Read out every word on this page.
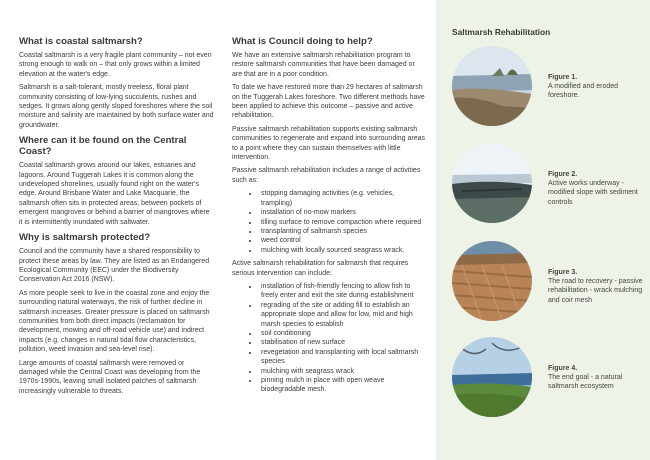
What is coastal saltmarsh?

Coastal saltmarsh is a very fragile plant community – not even strong enough to walk on – that only grows within a limited elevation at the water's edge.

Saltmarsh is a salt-tolerant, mostly treeless, floral plant community consisting of low-lying succulents, rushes and sedges. It grows along gently sloped foreshores where the soil moisture and salinity are maintained by both surface water and groundwater.

Where can it be found on the Central Coast?

Coastal saltmarsh grows around our lakes, estuaries and lagoons. Around Tuggerah Lakes it is common along the undeveloped shorelines, usually found right on the water's edge. Around Brisbane Water and Lake Macquarie, the saltmarsh often sits in protected areas, between pockets of emergent mangroves or behind a barrier of mangroves where it is intermittently inundated with saltwater.

Why is saltmarsh protected?

Council and the community have a shared responsibility to protect these areas by law. They are listed as an Endangered Ecological Community (EEC) under the Biodiversity Conservation Act 2016 (NSW).

As more people seek to live in the coastal zone and enjoy the surrounding natural waterways, the risk of further decline in saltmarsh increases. Greater pressure is placed on saltmarsh communities from both direct impacts (reclamation for development, mowing and off-road vehicle use) and indirect impacts (e.g. changes in natural tidal flow characteristics, pollution, weed invasion and sea-level rise).

Large amounts of coastal saltmarsh were removed or damaged while the Central Coast was developing from the 1970s-1990s, leaving small isolated patches of saltmarsh increasingly vulnerable to threats.

What is Council doing to help?

We have an extensive saltmarsh rehabilitation program to restore saltmarsh communities that have been damaged or are that are in a poor condition.

To date we have restored more than 29 hectares of saltmarsh on the Tuggerah Lakes foreshore. Two different methods have been applied to achieve this outcome – passive and active rehabilitation.

Passive saltmarsh rehabilitation supports existing saltmarsh communities to regenerate and expand into surrounding areas to a point where they can sustain themselves with little intervention.

Passive saltmarsh rehabilitation includes a range of activities such as:

• stopping damaging activities (e.g. vehicles, trampling)
• installation of no-mow markers
• tilling surface to remove compaction where required
• transplanting of saltmarsh species
• weed control
• mulching with locally sourced seagrass wrack.

Active saltmarsh rehabilitation for saltmarsh that requires serious intervention can include:

• installation of fish-friendly fencing to allow fish to freely enter and exit the site during establishment
• regrading of the site or adding fill to establish an appropriate slope and allow for low, mid and high marsh species to establish
• soil conditioning
• stabilisation of new surface
• revegetation and transplanting with local saltmarsh species
• mulching with seagrass wrack
• pinning mulch in place with open weave biodegradable mesh.
Saltmarsh Rehabilitation
Figure 1.
A modified and eroded foreshore.
Figure 2.
Active works underway - modified slope with sediment controls
Figure 3.
The road to recovery - passive rehabilitation - wrack mulching and coir mesh
Figure 4.
The end goal - a natural saltmarsh ecosystem
